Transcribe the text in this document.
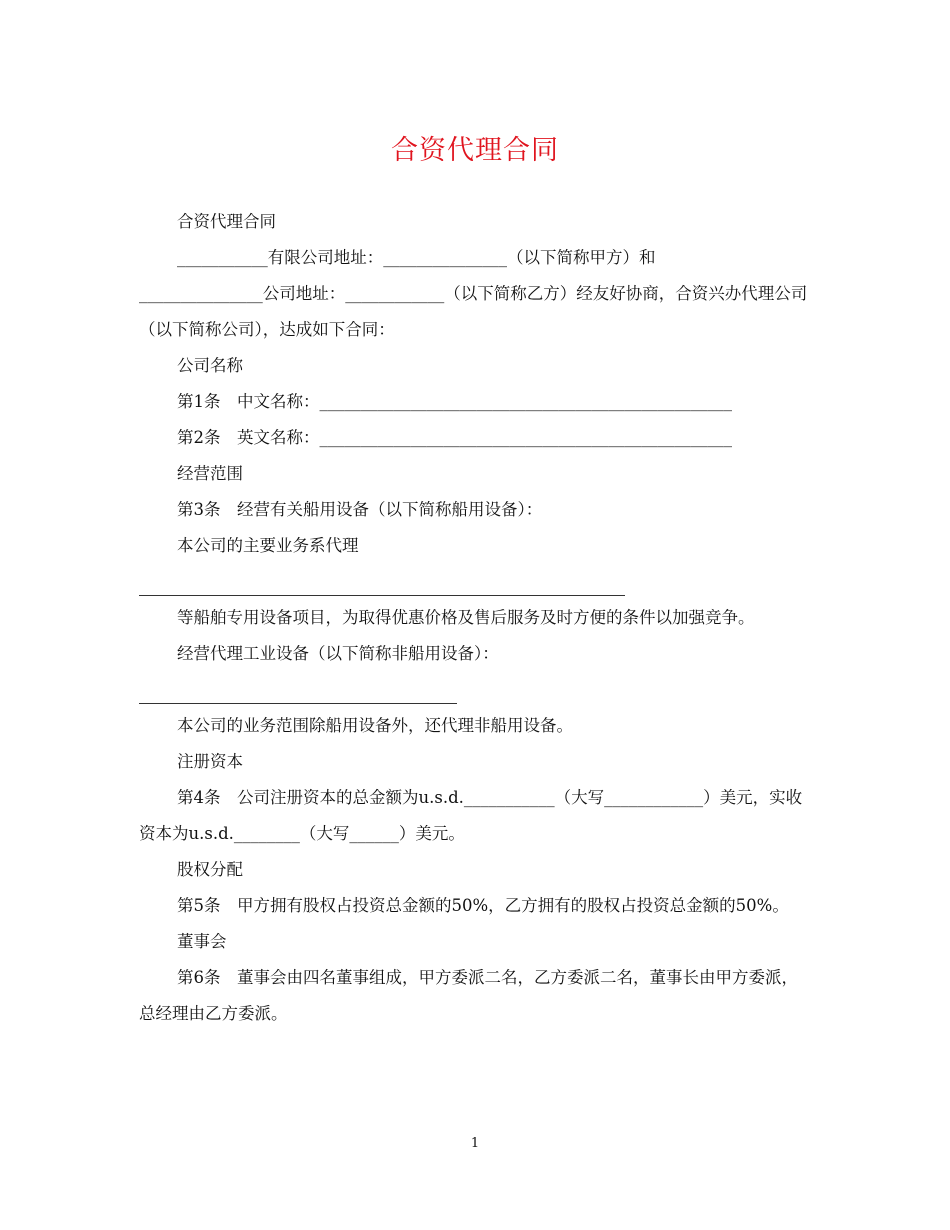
合资代理合同

合资代理合同

___________有限公司地址：_______________（以下简称甲方）和

_______________公司地址：____________（以下简称乙方）经友好协商，合资兴办代理公司（以下简称公司），达成如下合同：

公司名称

第1条　中文名称：__________________________________________________

第2条　英文名称：__________________________________________________

经营范围

第3条　经营有关船用设备（以下简称船用设备）：

本公司的主要业务系代理

等船舶专用设备项目，为取得优惠价格及售后服务及时方便的条件以加强竞争。

经营代理工业设备（以下简称非船用设备）：

本公司的业务范围除船用设备外，还代理非船用设备。

注册资本

第4条　公司注册资本的总金额为u.s.d.___________（大写____________）美元，实收资本为u.s.d.________（大写______）美元。

股权分配

第5条　甲方拥有股权占投资总金额的50%，乙方拥有的股权占投资总金额的50%。

董事会

第6条　董事会由四名董事组成，甲方委派二名，乙方委派二名，董事长由甲方委派，总经理由乙方委派。

1
